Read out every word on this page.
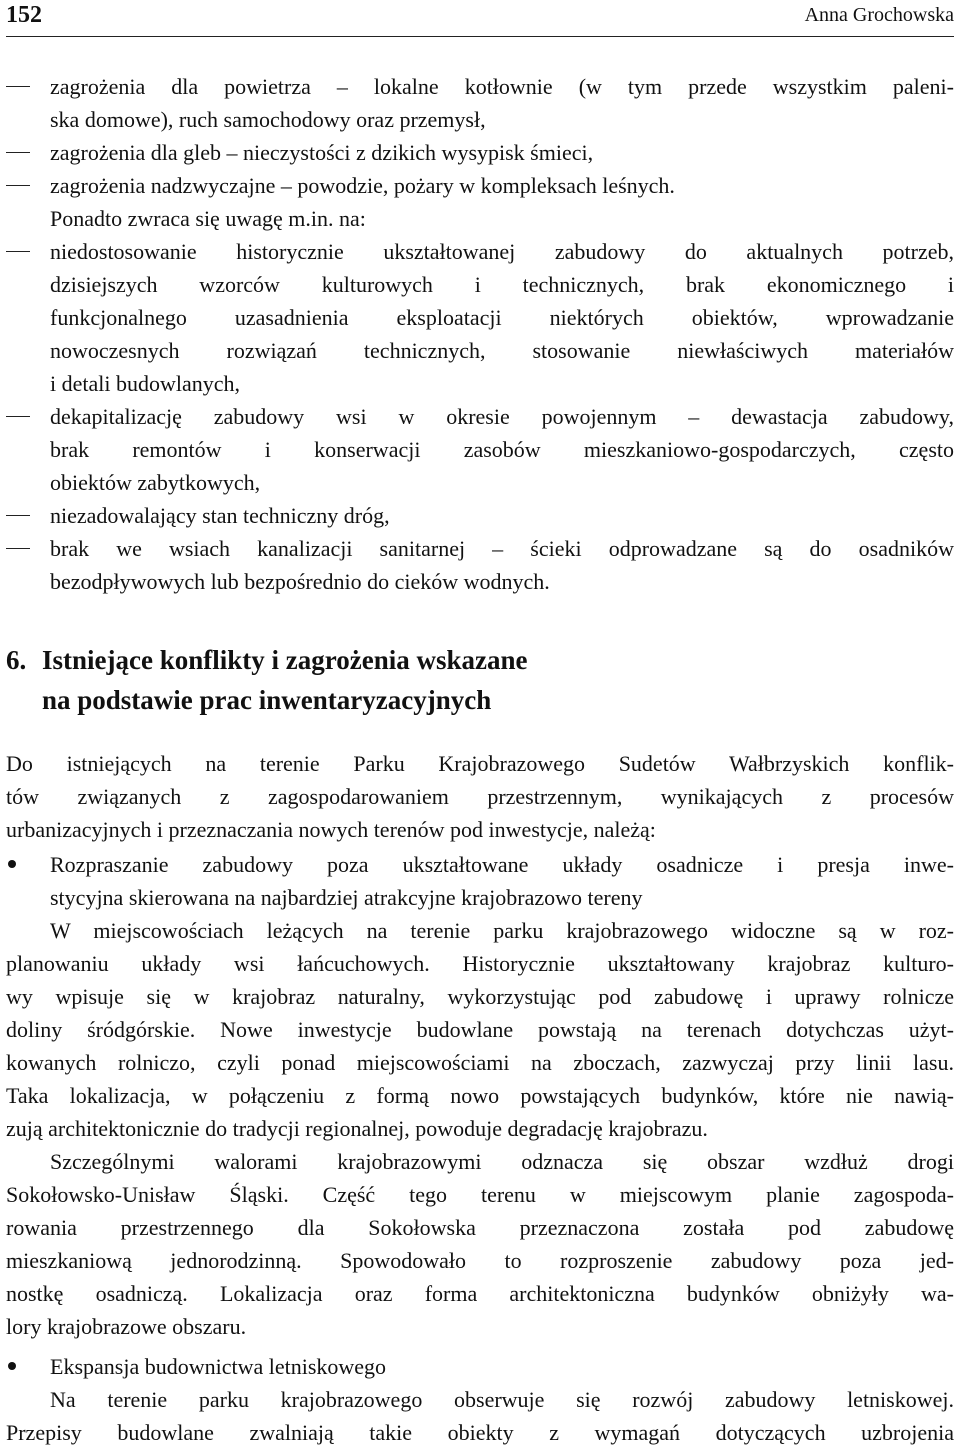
152	Anna Grochowska
zagrożenia dla powietrza – lokalne kotłownie (w tym przede wszystkim paleni-
ska domowe), ruch samochodowy oraz przemysł,
zagrożenia dla gleb – nieczystości z dzikich wysypisk śmieci,
zagrożenia nadzwyczajne – powodzie, pożary w kompleksach leśnych.
Ponadto zwraca się uwagę m.in. na:
niedostosowanie historycznie ukształtowanej zabudowy do aktualnych potrzeb,
dzisiejszych wzorców kulturowych i technicznych, brak ekonomicznego i
funkcjonalnego uzasadnienia eksploatacji niektórych obiektów, wprowadzanie
nowoczesnych rozwiązań technicznych, stosowanie niewłaściwych materiałów
i detali budowlanych,
dekapitalizację zabudowy wsi w okresie powojennym – dewastacja zabudowy,
brak remontów i konserwacji zasobów mieszkaniowo-gospodarczych, często
obiektów zabytkowych,
niezadowalający stan techniczny dróg,
brak we wsiach kanalizacji sanitarnej – ścieki odprowadzane są do osadników
bezodpływowych lub bezpośrednio do cieków wodnych.
6. Istniejące konflikty i zagrożenia wskazane
na podstawie prac inwentaryzacyjnych
Do istniejących na terenie Parku Krajobrazowego Sudetów Wałbrzyskich konflik-
tów związanych z zagospodarowaniem przestrzennym, wynikających z procesów
urbanizacyjnych i przeznaczania nowych terenów pod inwestycje, należą:
Rozpraszanie zabudowy poza ukształtowane układy osadnicze i presja inwe-
stycyjna skierowana na najbardziej atrakcyjne krajobrazowo tereny
W miejscowościach leżących na terenie parku krajobrazowego widoczne są w roz-
planowaniu układy wsi łańcuchowych. Historycznie ukształtowany krajobraz kulturo-
wy wpisuje się w krajobraz naturalny, wykorzystując pod zabudowę i uprawy rolnicze
doliny śródgórskie. Nowe inwestycje budowlane powstają na terenach dotychczas użyt-
kowanych rolniczo, czyli ponad miejscowościami na zboczach, zazwyczaj przy linii lasu.
Taka lokalizacja, w połączeniu z formą nowo powstających budynków, które nie nawią-
zują architektonicznie do tradycji regionalnej, powoduje degradację krajobrazu.
Szczególnymi walorami krajobrazowymi odznacza się obszar wzdłuż drogi
Sokołowsko-Unisław Śląski. Część tego terenu w miejscowym planie zagospoda-
rowania przestrzennego dla Sokołowska przeznaczona została pod zabudowę
mieszkaniową jednorodzinną. Spowodowało to rozproszenie zabudowy poza jed-
nostkę osadniczą. Lokalizacja oraz forma architektoniczna budynków obniżyły wa-
lory krajobrazowe obszaru.
Ekspansja budownictwa letniskowego
Na terenie parku krajobrazowego obserwuje się rozwój zabudowy letniskowej.
Przepisy budowlane zwalniają takie obiekty z wymagań dotyczących uzbrojenia
